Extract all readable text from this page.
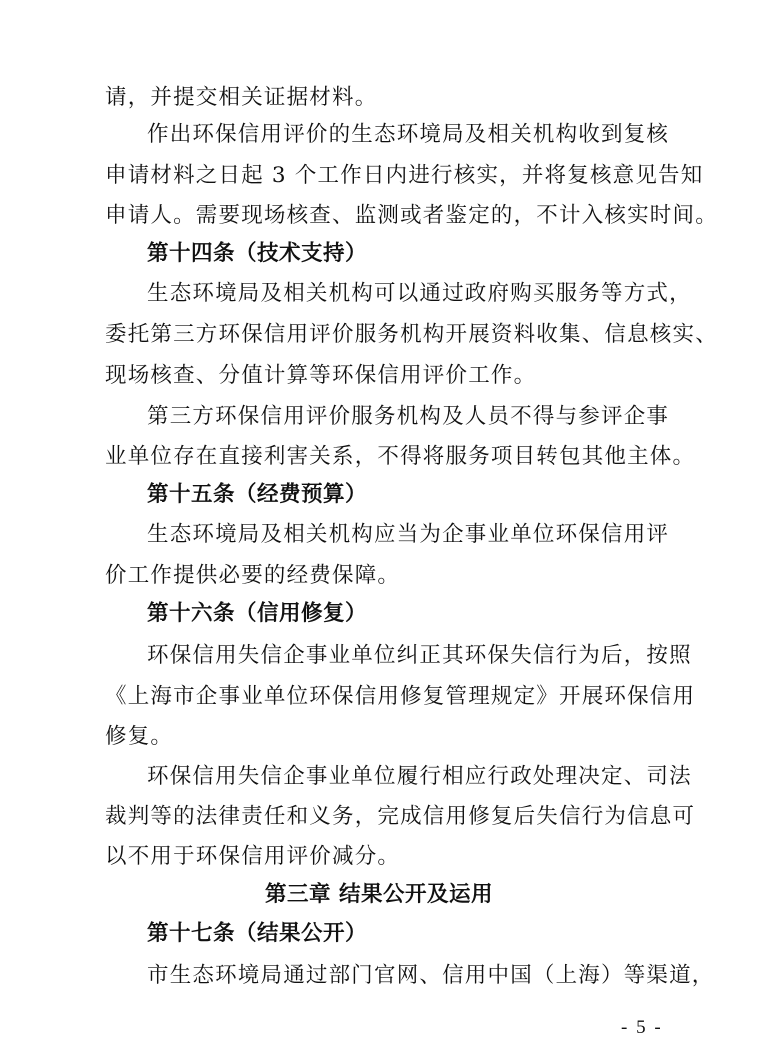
请，并提交相关证据材料。
作出环保信用评价的生态环境局及相关机构收到复核
申请材料之日起 3 个工作日内进行核实，并将复核意见告知
申请人。需要现场核查、监测或者鉴定的，不计入核实时间。
第十四条（技术支持）
生态环境局及相关机构可以通过政府购买服务等方式，
委托第三方环保信用评价服务机构开展资料收集、信息核实、
现场核查、分值计算等环保信用评价工作。
第三方环保信用评价服务机构及人员不得与参评企事
业单位存在直接利害关系，不得将服务项目转包其他主体。
第十五条（经费预算）
生态环境局及相关机构应当为企事业单位环保信用评
价工作提供必要的经费保障。
第十六条（信用修复）
环保信用失信企事业单位纠正其环保失信行为后，按照
《上海市企事业单位环保信用修复管理规定》开展环保信用
修复。
环保信用失信企事业单位履行相应行政处理决定、司法
裁判等的法律责任和义务，完成信用修复后失信行为信息可
以不用于环保信用评价减分。
第三章 结果公开及运用
第十七条（结果公开）
市生态环境局通过部门官网、信用中国（上海）等渠道，
- 5 -
